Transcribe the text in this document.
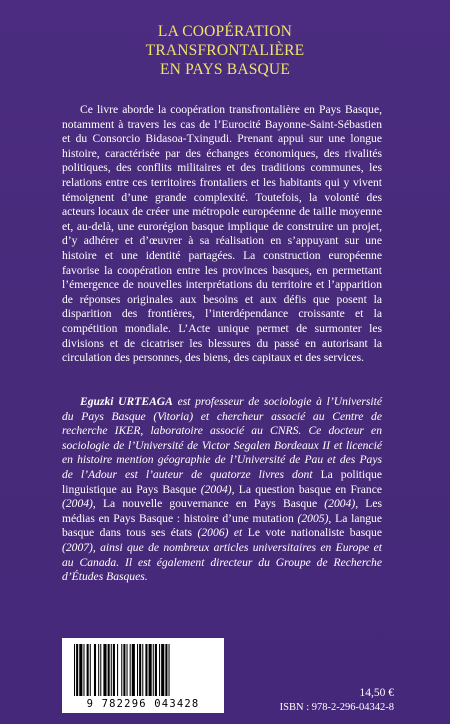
LA COOPÉRATION
TRANSFRONTALIÈRE
EN PAYS BASQUE

Ce livre aborde la coopération transfrontalière en Pays Basque, notamment à travers les cas de l’Eurocité Bayonne-Saint-Sébastien et du Consorcio Bidasoa-Txingudi. Prenant appui sur une longue histoire, caractérisée par des échanges économiques, des rivalités politiques, des conflits militaires et des traditions communes, les relations entre ces territoires frontaliers et les habitants qui y vivent témoignent d’une grande complexité. Toutefois, la volonté des acteurs locaux de créer une métropole européenne de taille moyenne et, au-delà, une eurorégion basque implique de construire un projet, d’y adhérer et d’œuvrer à sa réalisation en s’appuyant sur une histoire et une identité partagées. La construction européenne favorise la coopération entre les provinces basques, en permettant l’émergence de nouvelles interprétations du territoire et l’apparition de réponses originales aux besoins et aux défis que posent la disparition des frontières, l’interdépendance croissante et la compétition mondiale. L’Acte unique permet de surmonter les divisions et de cicatriser les blessures du passé en autorisant la circulation des personnes, des biens, des capitaux et des services.

Eguzki URTEAGA est professeur de sociologie à l’Université du Pays Basque (Vitoria) et chercheur associé au Centre de recherche IKER, laboratoire associé au CNRS. Ce docteur en sociologie de l’Université de Victor Segalen Bordeaux II et licencié en histoire mention géographie de l’Université de Pau et des Pays de l’Adour est l’auteur de quatorze livres dont La politique linguistique au Pays Basque (2004), La question basque en France (2004), La nouvelle gouvernance en Pays Basque (2004), Les médias en Pays Basque : histoire d’une mutation (2005), La langue basque dans tous ses états (2006) et Le vote nationaliste basque (2007), ainsi que de nombreux articles universitaires en Europe et au Canada. Il est également directeur du Groupe de Recherche d’Études Basques.

9 782296 043428
14,50 €
ISBN : 978-2-296-04342-8
